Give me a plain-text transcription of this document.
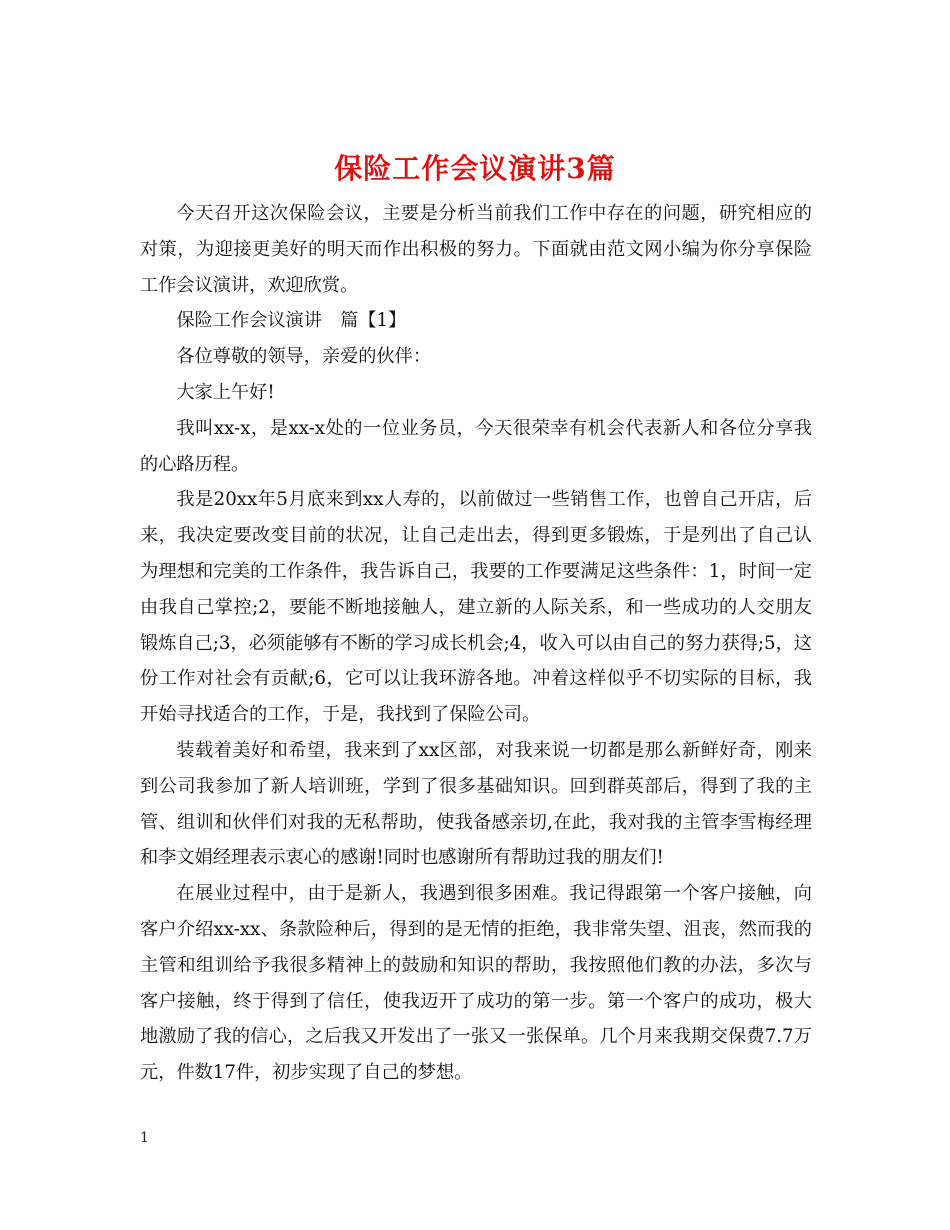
保险工作会议演讲3篇

今天召开这次保险会议，主要是分析当前我们工作中存在的问题，研究相应的对策，为迎接更美好的明天而作出积极的努力。下面就由范文网小编为你分享保险工作会议演讲，欢迎欣赏。

保险工作会议演讲　篇【1】

各位尊敬的领导，亲爱的伙伴：

大家上午好!

我叫xx-x，是xx-x处的一位业务员，今天很荣幸有机会代表新人和各位分享我的心路历程。

我是20xx年5月底来到xx人寿的，以前做过一些销售工作，也曾自己开店，后来，我决定要改变目前的状况，让自己走出去，得到更多锻炼，于是列出了自己认为理想和完美的工作条件，我告诉自己，我要的工作要满足这些条件：1，时间一定由我自己掌控;2，要能不断地接触人，建立新的人际关系，和一些成功的人交朋友锻炼自己;3，必须能够有不断的学习成长机会;4，收入可以由自己的努力获得;5，这份工作对社会有贡献;6，它可以让我环游各地。冲着这样似乎不切实际的目标，我开始寻找适合的工作，于是，我找到了保险公司。

装载着美好和希望，我来到了xx区部，对我来说一切都是那么新鲜好奇，刚来到公司我参加了新人培训班，学到了很多基础知识。回到群英部后，得到了我的主管、组训和伙伴们对我的无私帮助，使我备感亲切,在此，我对我的主管李雪梅经理和李文娟经理表示衷心的感谢!同时也感谢所有帮助过我的朋友们!

在展业过程中，由于是新人，我遇到很多困难。我记得跟第一个客户接触，向客户介绍xx-xx、条款险种后，得到的是无情的拒绝，我非常失望、沮丧，然而我的主管和组训给予我很多精神上的鼓励和知识的帮助，我按照他们教的办法，多次与客户接触，终于得到了信任，使我迈开了成功的第一步。第一个客户的成功，极大地激励了我的信心，之后我又开发出了一张又一张保单。几个月来我期交保费7.7万元，件数17件，初步实现了自己的梦想。

1
